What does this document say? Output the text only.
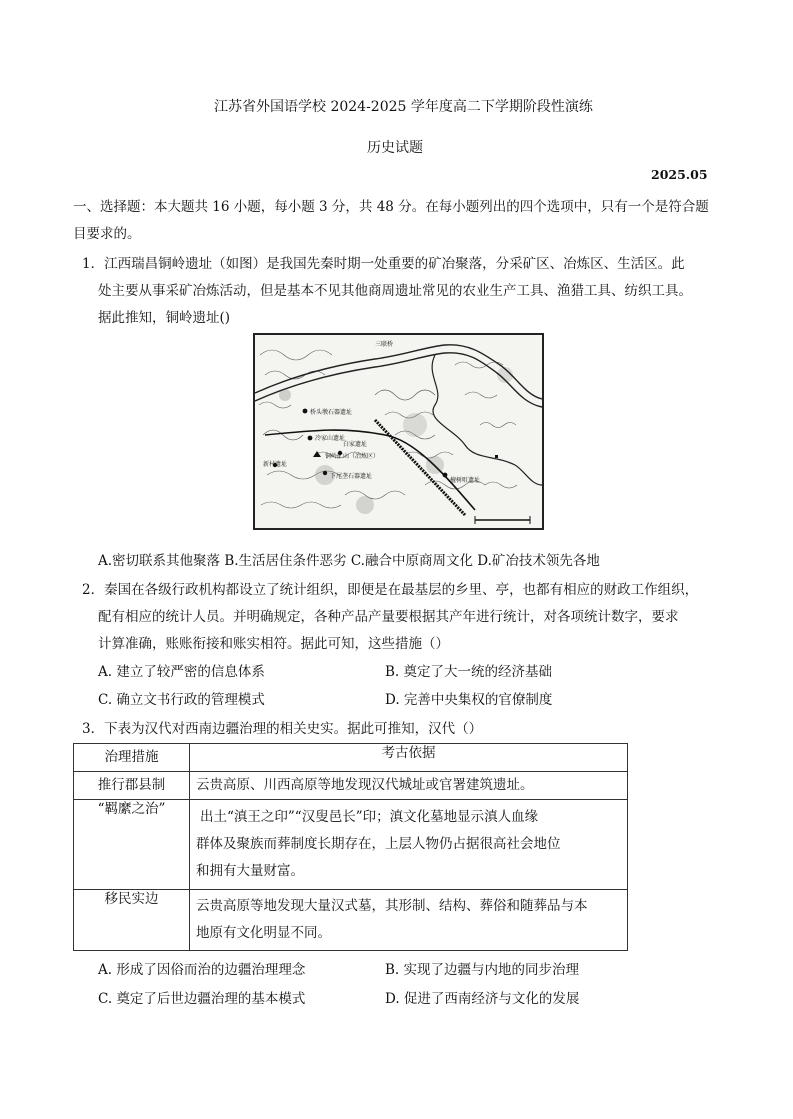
江苏省外国语学校 2024-2025 学年度高二下学期阶段性演练
历史试题
2025.05
一、选择题：本大题共 16 小题，每小题 3 分，共 48 分。在每小题列出的四个选项中，只有一个是符合题
目要求的。
1．江西瑞昌铜岭遗址（如图）是我国先秦时期一处重要的矿冶聚落，分采矿区、冶炼区、生活区。此
处主要从事采矿冶炼活动，但是基本不见其他商周遗址常见的农业生产工具、渔猎工具、纺织工具。
据此推知，铜岭遗址()
三联桥
桥头墩石器遗址
冷家山遗址
铜岭矿山（冶炼区）
白家遗址
下尾垄石器遗址
檀树咀遗址
新村遗址
A.密切联系其他聚落 B.生活居住条件恶劣 C.融合中原商周文化 D.矿冶技术领先各地
2．秦国在各级行政机构都设立了统计组织，即便是在最基层的乡里、亭，也都有相应的财政工作组织，
配有相应的统计人员。并明确规定，各种产品产量要根据其产年进行统计，对各项统计数字，要求
计算准确，账账衔接和账实相符。据此可知，这些措施（）
A. 建立了较严密的信息体系	B. 奠定了大一统的经济基础
C. 确立文书行政的管理模式	D. 完善中央集权的官僚制度
3．下表为汉代对西南边疆治理的相关史实。据此可推知，汉代（）
治理措施	考古依据

推行郡县制	云贵高原、川西高原等地发现汉代城址或官署建筑遗址。

“羁縻之治”	出土“滇王之印”“汉叟邑长”印；滇文化墓地显示滇人血缘
群体及聚族而葬制度长期存在，上层人物仍占据很高社会地位
和拥有大量财富。

移民实边	云贵高原等地发现大量汉式墓，其形制、结构、葬俗和随葬品与本
地原有文化明显不同。
A. 形成了因俗而治的边疆治理理念	B. 实现了边疆与内地的同步治理
C. 奠定了后世边疆治理的基本模式	D. 促进了西南经济与文化的发展
